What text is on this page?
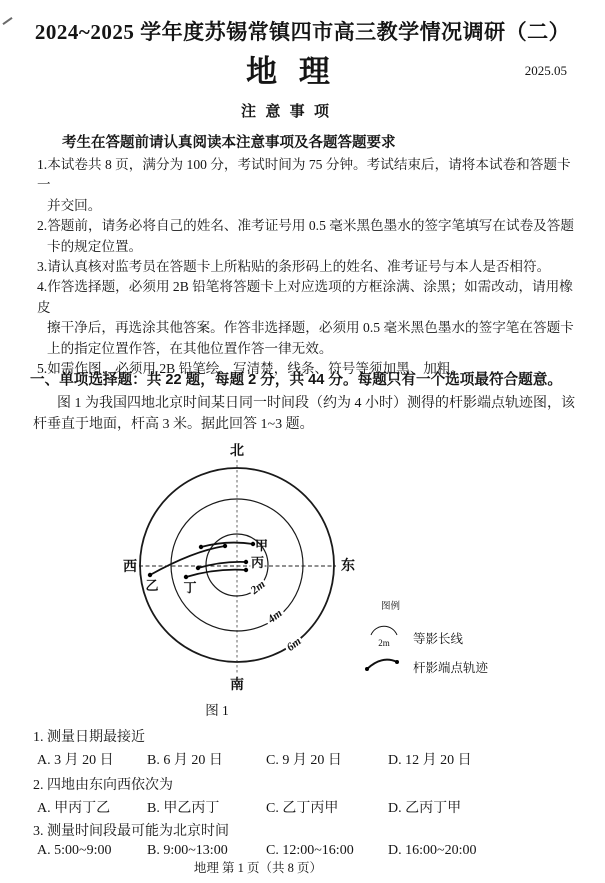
2024~2025 学年度苏锡常镇四市高三教学情况调研（二）
地理	2025.05
注意事项
考生在答题前请认真阅读本注意事项及各题答题要求
1.本试卷共 8 页，满分为 100 分，考试时间为 75 分钟。考试结束后，请将本试卷和答题卡一
并交回。
2.答题前，请务必将自己的姓名、准考证号用 0.5 毫米黑色墨水的签字笔填写在试卷及答题
卡的规定位置。
3.请认真核对监考员在答题卡上所粘贴的条形码上的姓名、准考证号与本人是否相符。
4.作答选择题，必须用 2B 铅笔将答题卡上对应选项的方框涂满、涂黑；如需改动，请用橡皮
擦干净后，再选涂其他答案。作答非选择题，必须用 0.5 毫米黑色墨水的签字笔在答题卡
上的指定位置作答，在其他位置作答一律无效。
5.如需作图，必须用 2B 铅笔绘、写清楚，线条、符号等须加黑、加粗。
一、单项选择题：共 22 题，每题 2 分，共 44 分。每题只有一个选项最符合题意。
图 1 为我国四地北京时间某日同一时间段（约为 4 小时）测得的杆影端点轨迹图，该
杆垂直于地面，杆高 3 米。据此回答 1~3 题。
北
南
西	东
2m
4m
6m
甲
乙
丙
丁
图例
2m 等影长线
杆影端点轨迹
图 1
1. 测量日期最接近
A. 3 月 20 日 B. 6 月 20 日	C. 9 月 20 日	D. 12 月 20 日
2. 四地由东向西依次为
A. 甲丙丁乙	B. 甲乙丙丁	C. 乙丁丙甲	D. 乙丙丁甲
3. 测量时间段最可能为北京时间
A. 5:00~9:00	B. 9:00~13:00	C. 12:00~16:00 D. 16:00~20:00
地理 第 1 页（共 8 页）
